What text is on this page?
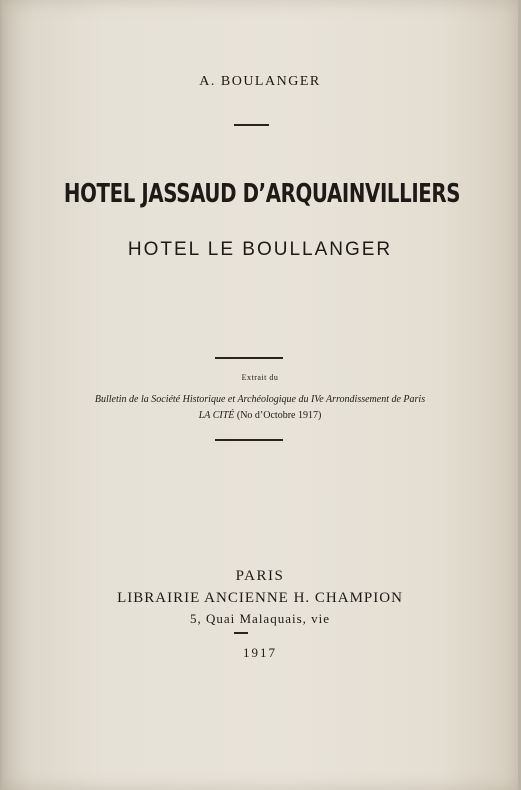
A. BOULANGER
HOTEL JASSAUD D’ARQUAINVILLIERS
HOTEL LE BOULLANGER
Extrait du
Bulletin de la Société Historique et Archéologique du IVe Arrondissement de Paris
LA CITÉ (No d’Octobre 1917)
PARIS
LIBRAIRIE ANCIENNE H. CHAMPION
5, Quai Malaquais, vie
1917
